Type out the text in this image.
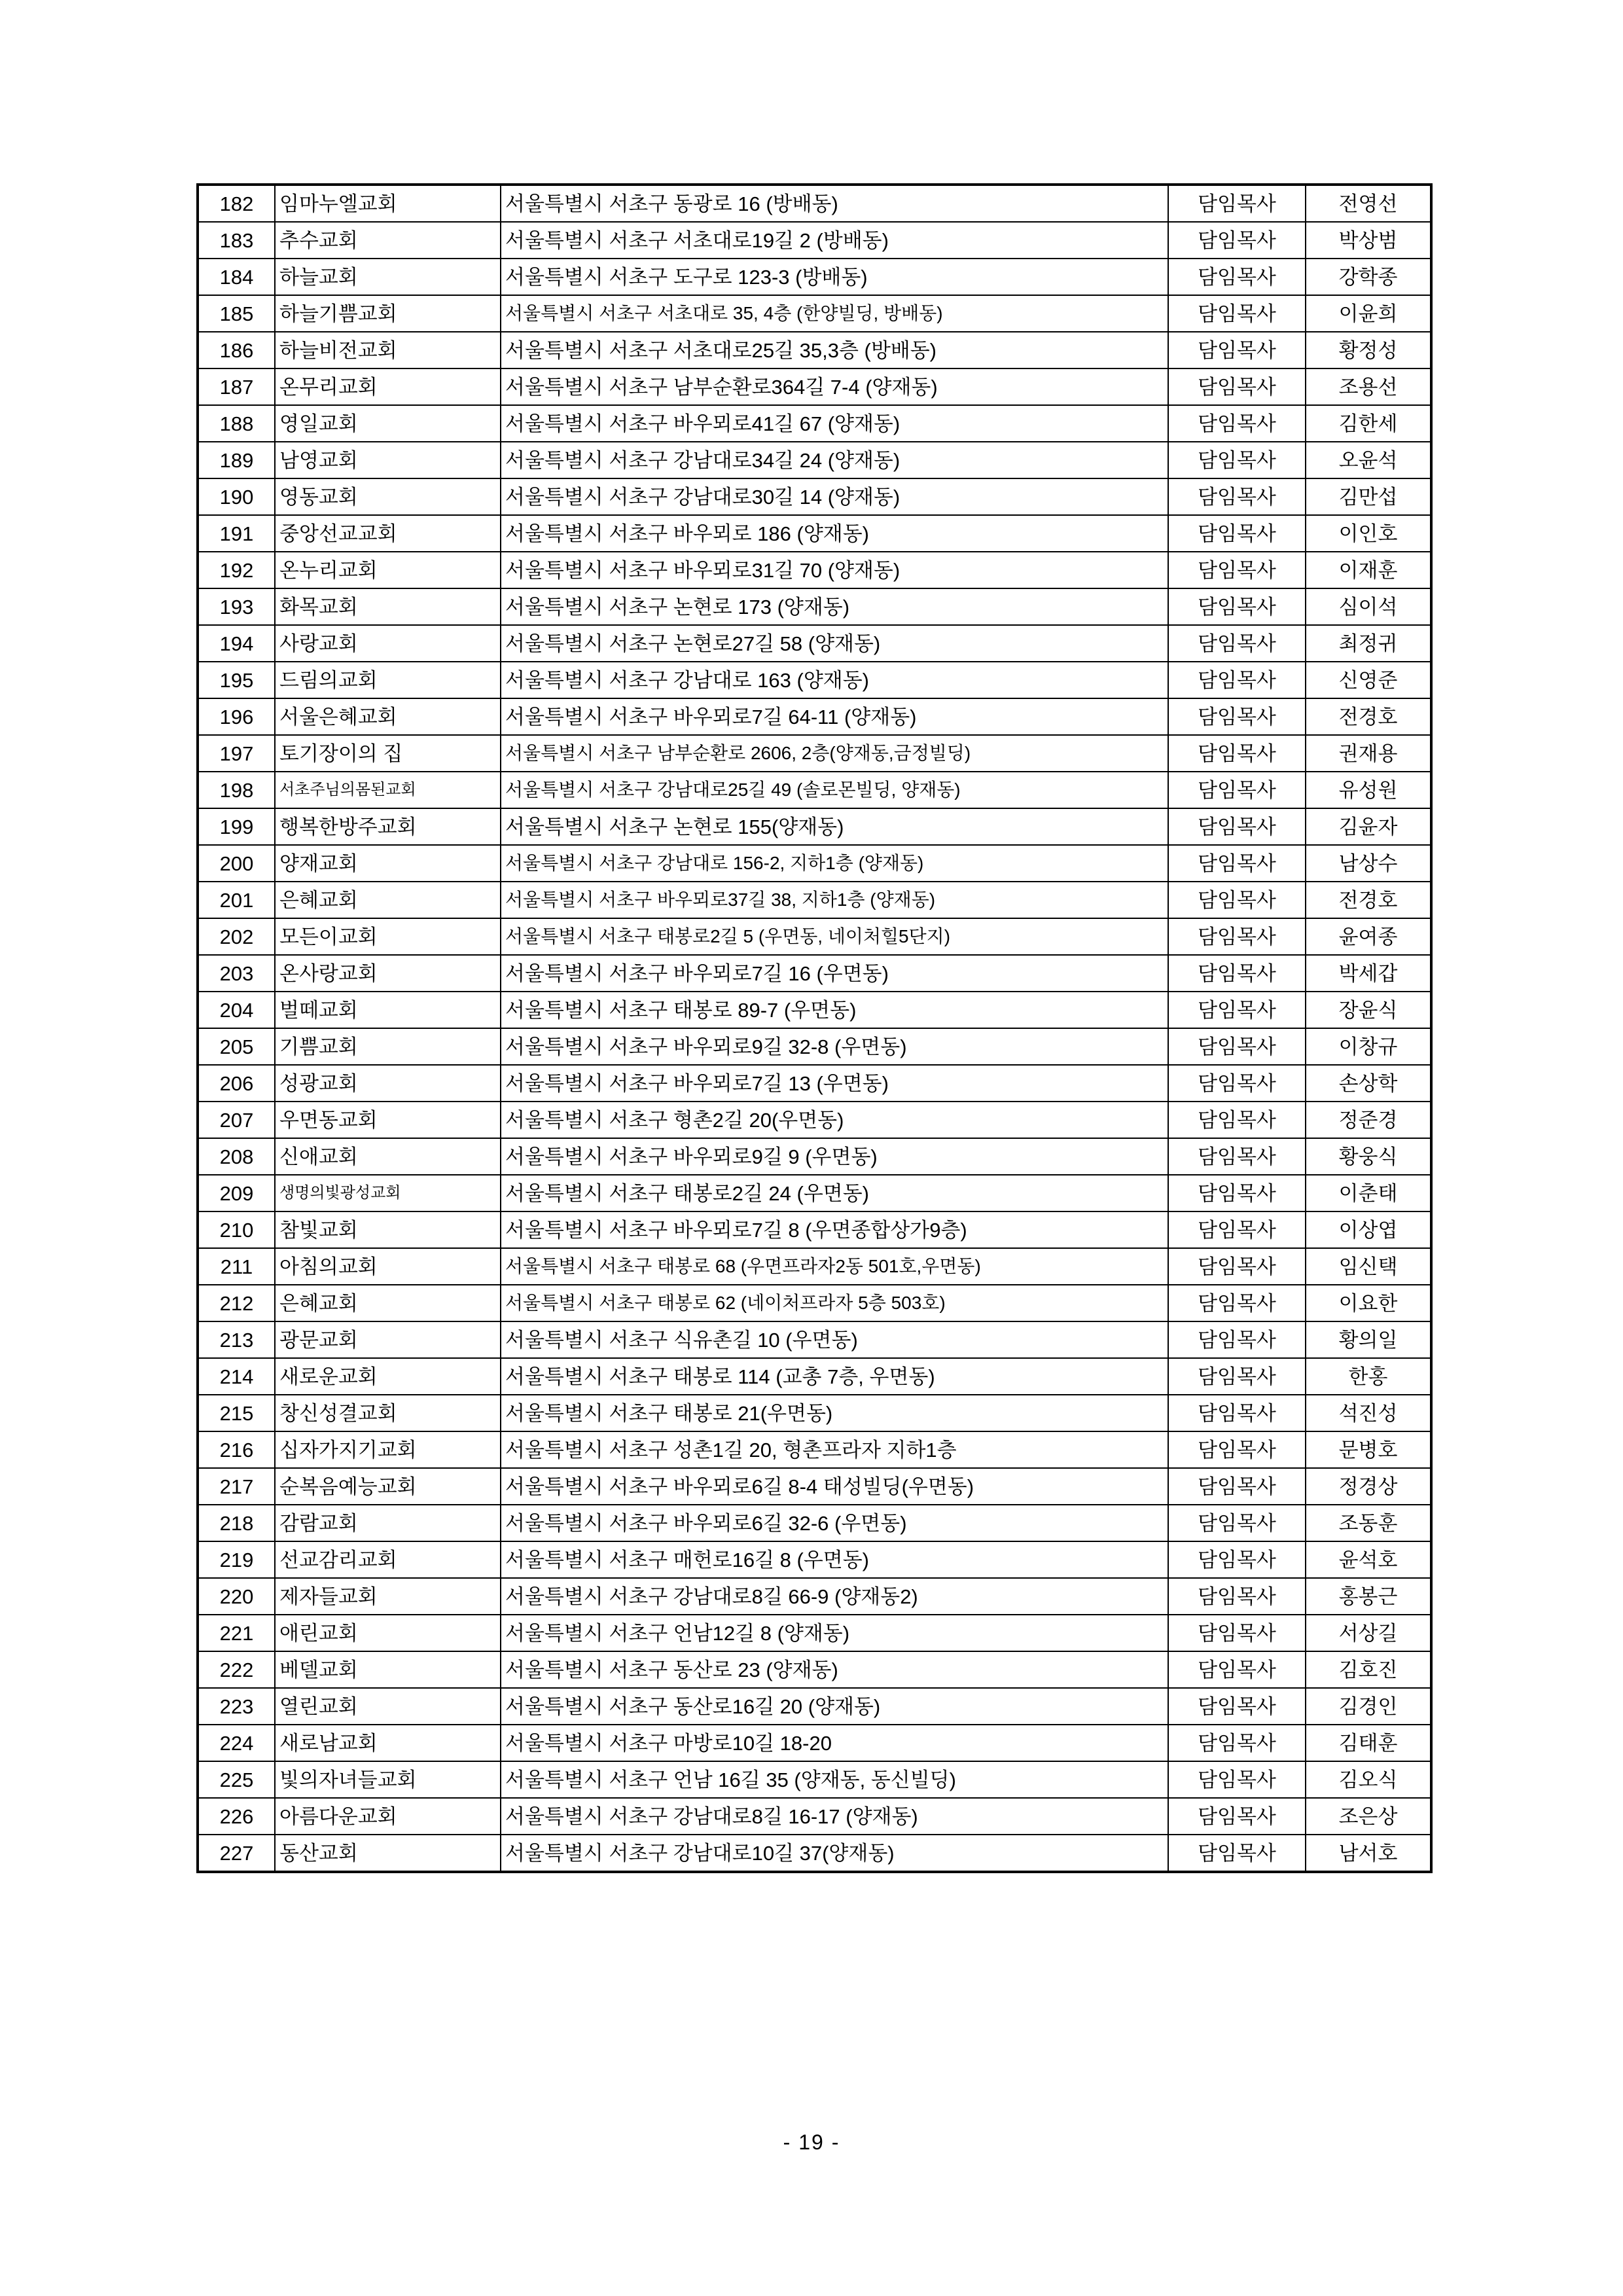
182	임마누엘교회	서울특별시 서초구 동광로 16 (방배동)	담임목사	전영선
183	추수교회	서울특별시 서초구 서초대로19길 2 (방배동)	담임목사	박상범
184	하늘교회	서울특별시 서초구 도구로 123-3 (방배동)	담임목사	강학종
185	하늘기쁨교회	서울특별시 서초구 서초대로 35, 4층 (한양빌딩, 방배동)	담임목사	이윤희
186	하늘비전교회	서울특별시 서초구 서초대로25길 35,3층 (방배동)	담임목사	황정성
187	온무리교회	서울특별시 서초구 남부순환로364길 7-4 (양재동)	담임목사	조용선
188	영일교회	서울특별시 서초구 바우뫼로41길 67 (양재동)	담임목사	김한세
189	남영교회	서울특별시 서초구 강남대로34길 24 (양재동)	담임목사	오윤석
190	영동교회	서울특별시 서초구 강남대로30길 14 (양재동)	담임목사	김만섭
191	중앙선교교회	서울특별시 서초구 바우뫼로 186 (양재동)	담임목사	이인호
192	온누리교회	서울특별시 서초구 바우뫼로31길 70 (양재동)	담임목사	이재훈
193	화목교회	서울특별시 서초구 논현로 173 (양재동)	담임목사	심이석
194	사랑교회	서울특별시 서초구 논현로27길 58 (양재동)	담임목사	최정귀
195	드림의교회	서울특별시 서초구 강남대로 163 (양재동)	담임목사	신영준
196	서울은혜교회	서울특별시 서초구 바우뫼로7길 64-11 (양재동)	담임목사	전경호
197	토기장이의 집	서울특별시 서초구 남부순환로 2606, 2층(양재동,금정빌딩)	담임목사	권재용
198	서초주님의몸된교회	서울특별시 서초구 강남대로25길 49 (솔로몬빌딩, 양재동)	담임목사	유성원
199	행복한방주교회	서울특별시 서초구 논현로 155(양재동)	담임목사	김윤자
200	양재교회	서울특별시 서초구 강남대로 156-2, 지하1층 (양재동)	담임목사	남상수
201	은혜교회	서울특별시 서초구 바우뫼로37길 38, 지하1층 (양재동)	담임목사	전경호
202	모든이교회	서울특별시 서초구 태봉로2길 5 (우면동, 네이처힐5단지)	담임목사	윤여종
203	온사랑교회	서울특별시 서초구 바우뫼로7길 16 (우면동)	담임목사	박세갑
204	벌떼교회	서울특별시 서초구 태봉로 89-7 (우면동)	담임목사	장윤식
205	기쁨교회	서울특별시 서초구 바우뫼로9길 32-8 (우면동)	담임목사	이창규
206	성광교회	서울특별시 서초구 바우뫼로7길 13 (우면동)	담임목사	손상학
207	우면동교회	서울특별시 서초구 형촌2길 20(우면동)	담임목사	정준경
208	신애교회	서울특별시 서초구 바우뫼로9길 9 (우면동)	담임목사	황웅식
209	생명의빛광성교회	서울특별시 서초구 태봉로2길 24 (우면동)	담임목사	이춘태
210	참빛교회	서울특별시 서초구 바우뫼로7길 8 (우면종합상가9층)	담임목사	이상엽
211	아침의교회	서울특별시 서초구 태봉로 68 (우면프라자2동 501호,우면동)	담임목사	임신택
212	은혜교회	서울특별시 서초구 태봉로 62 (네이처프라자 5층 503호)	담임목사	이요한
213	광문교회	서울특별시 서초구 식유촌길 10 (우면동)	담임목사	황의일
214	새로운교회	서울특별시 서초구 태봉로 114 (교총 7층, 우면동)	담임목사	한홍
215	창신성결교회	서울특별시 서초구 태봉로 21(우면동)	담임목사	석진성
216	십자가지기교회	서울특별시 서초구 성촌1길 20, 형촌프라자 지하1층	담임목사	문병호
217	순복음예능교회	서울특별시 서초구 바우뫼로6길 8-4 태성빌딩(우면동)	담임목사	정경상
218	감람교회	서울특별시 서초구 바우뫼로6길 32-6 (우면동)	담임목사	조동훈
219	선교감리교회	서울특별시 서초구 매헌로16길 8 (우면동)	담임목사	윤석호
220	제자들교회	서울특별시 서초구 강남대로8길 66-9 (양재동2)	담임목사	홍봉근
221	애린교회	서울특별시 서초구 언남12길 8 (양재동)	담임목사	서상길
222	베델교회	서울특별시 서초구 동산로 23 (양재동)	담임목사	김호진
223	열린교회	서울특별시 서초구 동산로16길 20 (양재동)	담임목사	김경인
224	새로남교회	서울특별시 서초구 마방로10길 18-20	담임목사	김태훈
225	빛의자녀들교회	서울특별시 서초구 언남 16길 35 (양재동, 동신빌딩)	담임목사	김오식
226	아름다운교회	서울특별시 서초구 강남대로8길 16-17 (양재동)	담임목사	조은상
227	동산교회	서울특별시 서초구 강남대로10길 37(양재동)	담임목사	남서호
- 19 -
